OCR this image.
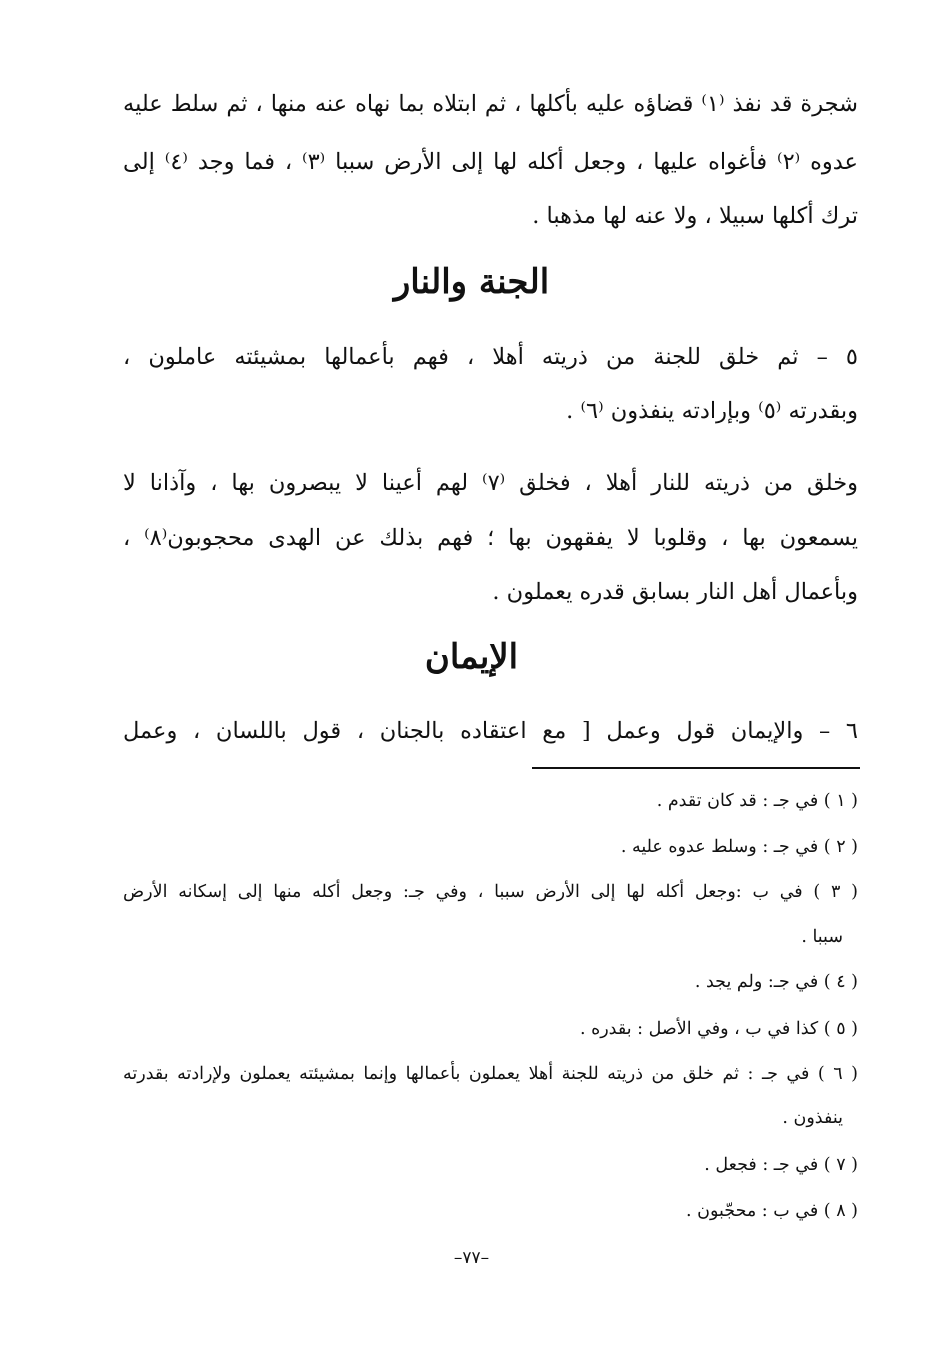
شجرة قد نفذ ⁽١⁾ قضاؤه عليه بأكلها ، ثم ابتلاه بما نهاه عنه منها ، ثم سلط عليه
عدوه ⁽٢⁾ فأغواه عليها ، وجعل أكله لها إلى الأرض سببا ⁽٣⁾ ، فما وجد ⁽٤⁾ إلى
ترك أكلها سبيلا ، ولا عنه لها مذهبا .
الجنة والنار
٥ – ثم خلق للجنة من ذريته أهلا ، فهم بأعمالها بمشيئته عاملون ،
وبقدرته ⁽٥⁾ وبإرادته ينفذون ⁽٦⁾ .
وخلق من ذريته للنار أهلا ، فخلق ⁽٧⁾ لهم أعينا لا يبصرون بها ، وآذانا لا
يسمعون بها ، وقلوبا لا يفقهون بها ؛ فهم بذلك عن الهدى محجوبون⁽٨⁾ ،
وبأعمال أهل النار بسابق قدره يعملون .
الإيمان
٦ – والإيمان قول وعمل [ مع اعتقاده بالجنان ، قول باللسان ، وعمل
( ١ ) في جـ : قد كان تقدم .
( ٢ ) في جـ : وسلط عدوه عليه .
( ٣ ) في ب :وجعل أكله لها إلى الأرض سببا ، وفي جـ: وجعل أكله منها إلى إسكانه الأرض
سببا .
( ٤ ) في جـ: ولم يجد .
( ٥ ) كذا في ب ، وفي الأصل : بقدره .
( ٦ ) في جـ : ثم خلق من ذريته للجنة أهلا يعملون بأعمالها وإنما بمشيئته يعملون ولإرادته بقدرته
ينفذون .
( ٧ ) في جـ : فجعل .
( ٨ ) في ب : محجّبون .
–٧٧–
